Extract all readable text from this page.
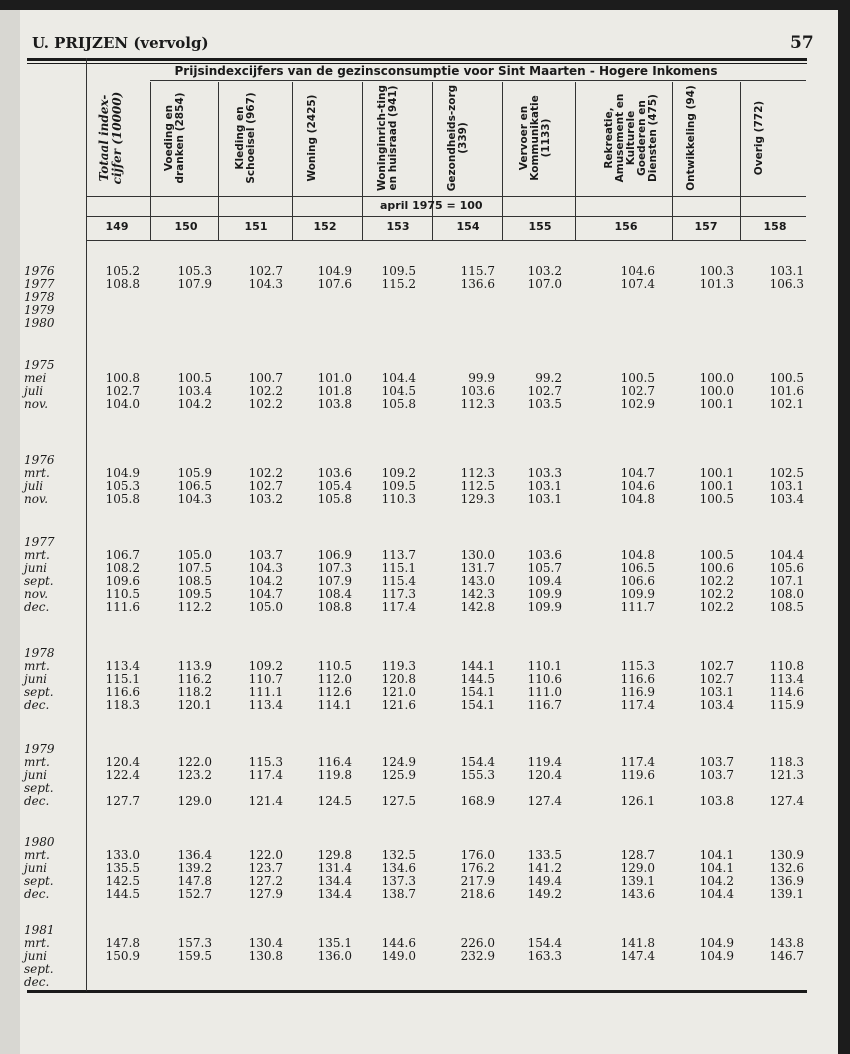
U. PRIJZEN (vervolg)	57
Prijsindexcijfers van de gezinsconsumptie voor Sint Maarten - Hogere Inkomens
Totaal index-cijfer (10000)
149
Voeding en dranken (2854)
150
Kleding en Schoeisel (967)
151
Woning (2425)
152
Woninginrich-ting en huisraad (941)
153
Gezondheids-zorg (339)
154
Vervoer en Kommunikatie (1133)
155
Rekreatie, Amusement en Kulturele Goederen en Diensten (475)
156
Ontwikkeling (94)
157
Overig (772)
158
1976
1977
1978
1979
1980
105.2
108.8
105.3
107.9
102.7
104.3
104.9
107.6
109.5
115.2
115.7
136.6
103.2
107.0
104.6
107.4
100.3
101.3
103.1
106.3
1975
mei
juli
nov.
100.8
102.7
104.0
100.5
103.4
104.2
100.7
102.2
102.2
101.0
101.8
103.8
104.4
104.5
105.8
99.9
103.6
112.3
99.2
102.7
103.5
100.5
102.7
102.9
100.0
100.0
100.1
100.5
101.6
102.1
1976
mrt.
juli
nov.
104.9
105.3
105.8
105.9
106.5
104.3
102.2
102.7
103.2
103.6
105.4
105.8
109.2
109.5
110.3
112.3
112.5
129.3
103.3
103.1
103.1
104.7
104.6
104.8
100.1
100.1
100.5
102.5
103.1
103.4
1977
mrt.
juni
sept.
nov.
dec.
106.7
108.2
109.6
110.5
111.6
105.0
107.5
108.5
109.5
112.2
103.7
104.3
104.2
104.7
105.0
106.9
107.3
107.9
108.4
108.8
113.7
115.1
115.4
117.3
117.4
130.0
131.7
143.0
142.3
142.8
103.6
105.7
109.4
109.9
109.9
104.8
106.5
106.6
109.9
111.7
100.5
100.6
102.2
102.2
102.2
104.4
105.6
107.1
108.0
108.5
1978
mrt.
juni
sept.
dec.
113.4
115.1
116.6
118.3
113.9
116.2
118.2
120.1
109.2
110.7
111.1
113.4
110.5
112.0
112.6
114.1
119.3
120.8
121.0
121.6
144.1
144.5
154.1
154.1
110.1
110.6
111.0
116.7
115.3
116.6
116.9
117.4
102.7
102.7
103.1
103.4
110.8
113.4
114.6
115.9
1979
mrt.
juni
sept.
dec.
120.4
122.4
127.7
122.0
123.2
129.0
115.3
117.4
121.4
116.4
119.8
124.5
124.9
125.9
127.5
154.4
155.3
168.9
119.4
120.4
127.4
117.4
119.6
126.1
103.7
103.7
103.8
118.3
121.3
127.4
1980
mrt.
juni
sept.
dec.
133.0
135.5
142.5
144.5
136.4
139.2
147.8
152.7
122.0
123.7
127.2
127.9
129.8
131.4
134.4
134.4
132.5
134.6
137.3
138.7
176.0
176.2
217.9
218.6
133.5
141.2
149.4
149.2
128.7
129.0
139.1
143.6
104.1
104.1
104.2
104.4
130.9
132.6
136.9
139.1
1981
mrt.
juni
sept.
dec.
147.8
150.9
157.3
159.5
130.4
130.8
135.1
136.0
144.6
149.0
226.0
232.9
154.4
163.3
141.8
147.4
104.9
104.9
143.8
146.7
april 1975 = 100
